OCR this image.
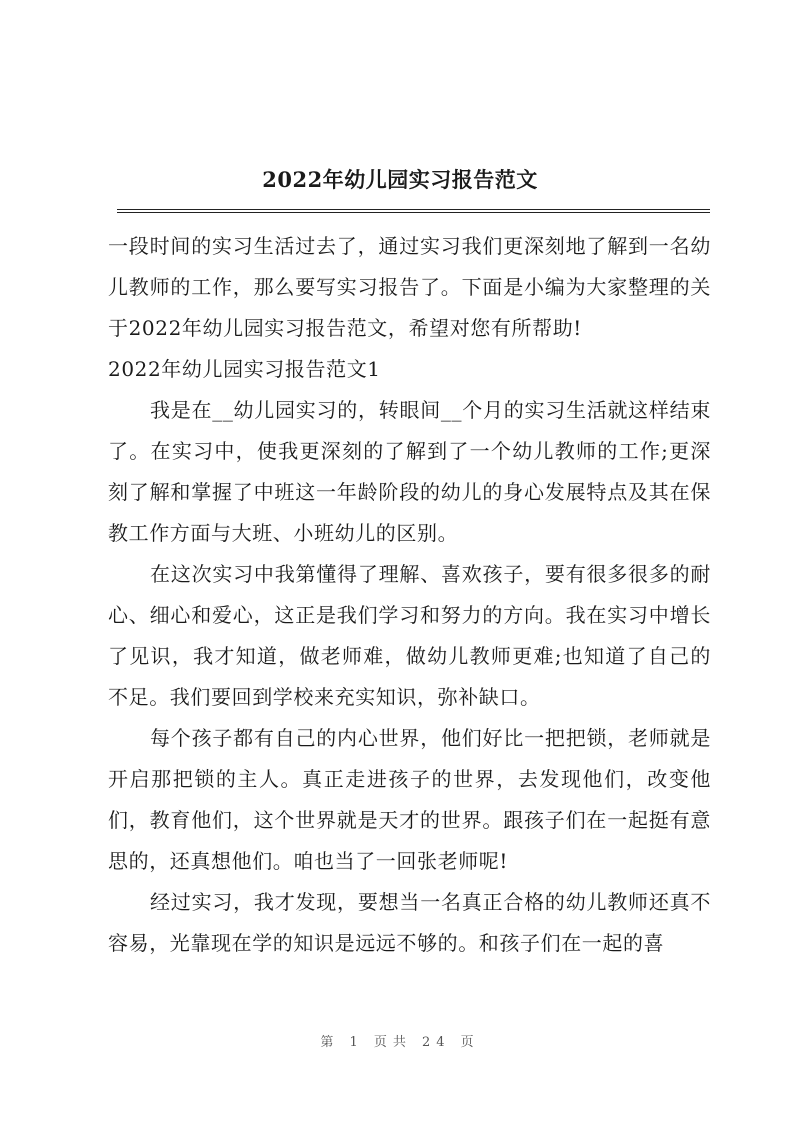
2022年幼儿园实习报告范文

一段时间的实习生活过去了，通过实习我们更深刻地了解到一名幼儿教师的工作，那么要写实习报告了。下面是小编为大家整理的关于2022年幼儿园实习报告范文，希望对您有所帮助!

2022年幼儿园实习报告范文1

我是在__幼儿园实习的，转眼间__个月的实习生活就这样结束了。在实习中，使我更深刻的了解到了一个幼儿教师的工作;更深刻了解和掌握了中班这一年龄阶段的幼儿的身心发展特点及其在保教工作方面与大班、小班幼儿的区别。

在这次实习中我第懂得了理解、喜欢孩子，要有很多很多的耐心、细心和爱心，这正是我们学习和努力的方向。我在实习中增长了见识，我才知道，做老师难，做幼儿教师更难;也知道了自己的不足。我们要回到学校来充实知识，弥补缺口。

每个孩子都有自己的内心世界，他们好比一把把锁，老师就是开启那把锁的主人。真正走进孩子的世界，去发现他们，改变他们，教育他们，这个世界就是天才的世界。跟孩子们在一起挺有意思的，还真想他们。咱也当了一回张老师呢!

经过实习，我才发现，要想当一名真正合格的幼儿教师还真不容易，光靠现在学的知识是远远不够的。和孩子们在一起的喜

第 1 页共 24 页
